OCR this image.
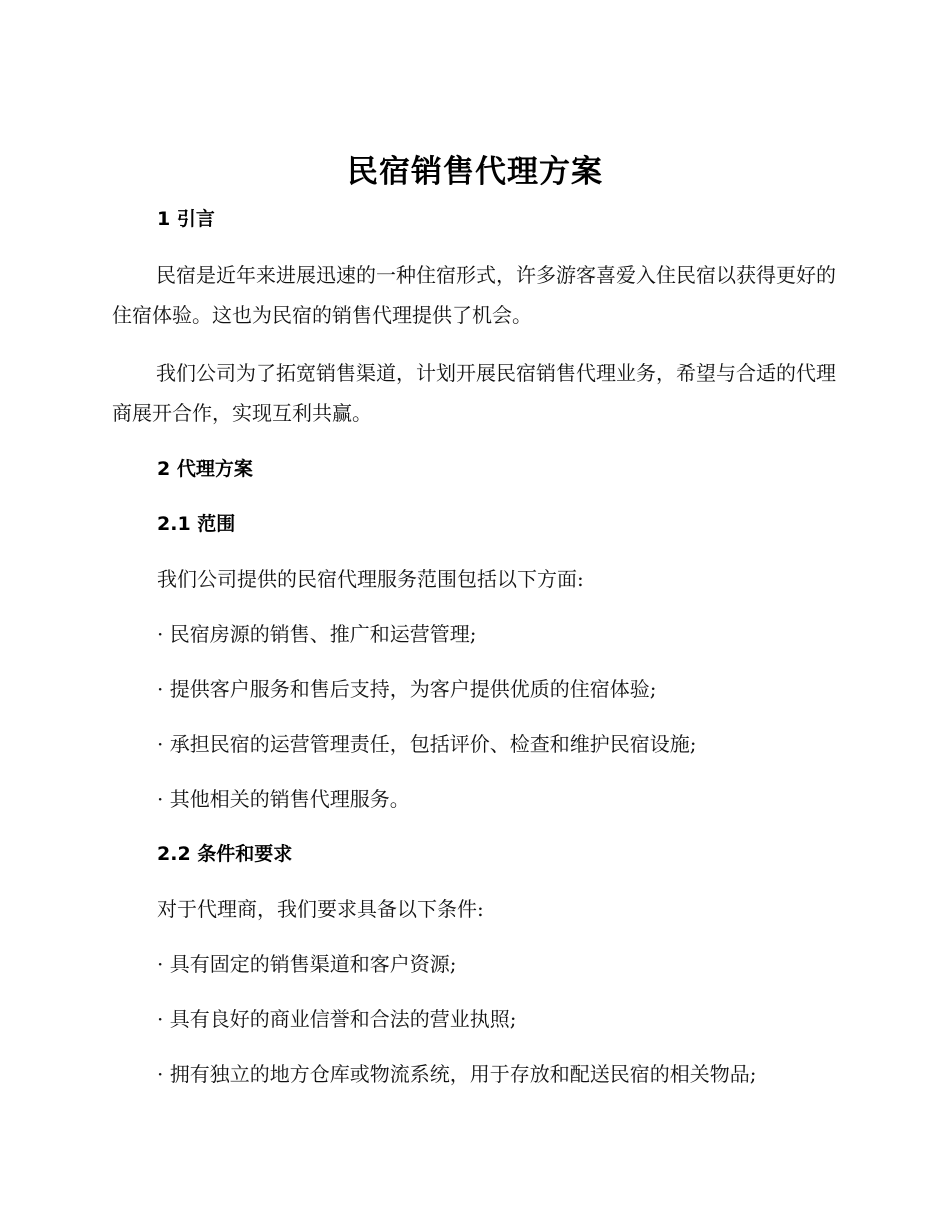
民宿销售代理方案
1 引言

民宿是近年来进展迅速的一种住宿形式，许多游客喜爱入住民宿以获得更好的住宿体验。这也为民宿的销售代理提供了机会。

我们公司为了拓宽销售渠道，计划开展民宿销售代理业务，希望与合适的代理商展开合作，实现互利共赢。

2 代理方案
2.1 范围

我们公司提供的民宿代理服务范围包括以下方面:

· 民宿房源的销售、推广和运营管理;

· 提供客户服务和售后支持，为客户提供优质的住宿体验;

· 承担民宿的运营管理责任，包括评价、检查和维护民宿设施;

· 其他相关的销售代理服务。

2.2 条件和要求

对于代理商，我们要求具备以下条件:

· 具有固定的销售渠道和客户资源;

· 具有良好的商业信誉和合法的营业执照;

· 拥有独立的地方仓库或物流系统，用于存放和配送民宿的相关物品;
